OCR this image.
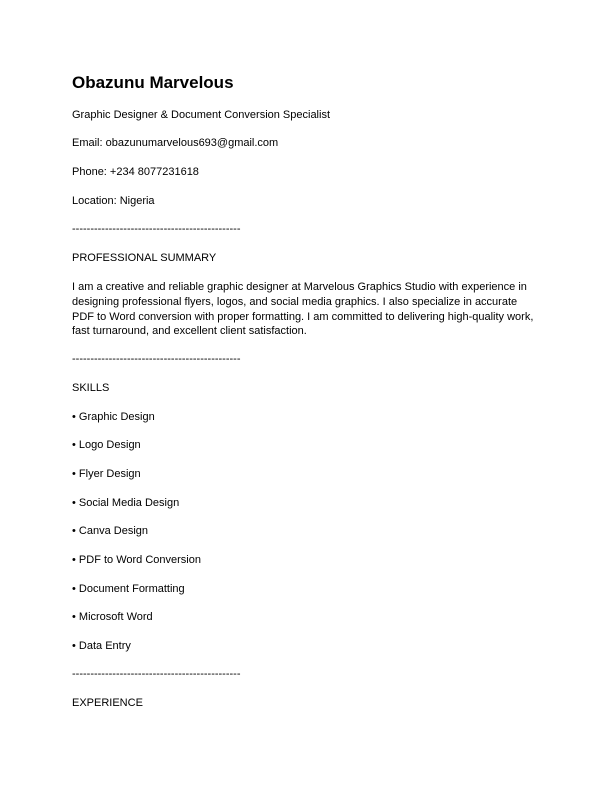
Obazunu Marvelous

Graphic Designer & Document Conversion Specialist

Email: obazunumarvelous693@gmail.com

Phone: +234 8077231618

Location: Nigeria

----------------------------------------------

PROFESSIONAL SUMMARY

I am a creative and reliable graphic designer at Marvelous Graphics Studio with experience in designing professional flyers, logos, and social media graphics. I also specialize in accurate PDF to Word conversion with proper formatting. I am committed to delivering high-quality work, fast turnaround, and excellent client satisfaction.

----------------------------------------------

SKILLS

• Graphic Design

• Logo Design

• Flyer Design

• Social Media Design

• Canva Design

• PDF to Word Conversion

• Document Formatting

• Microsoft Word

• Data Entry

----------------------------------------------

EXPERIENCE
